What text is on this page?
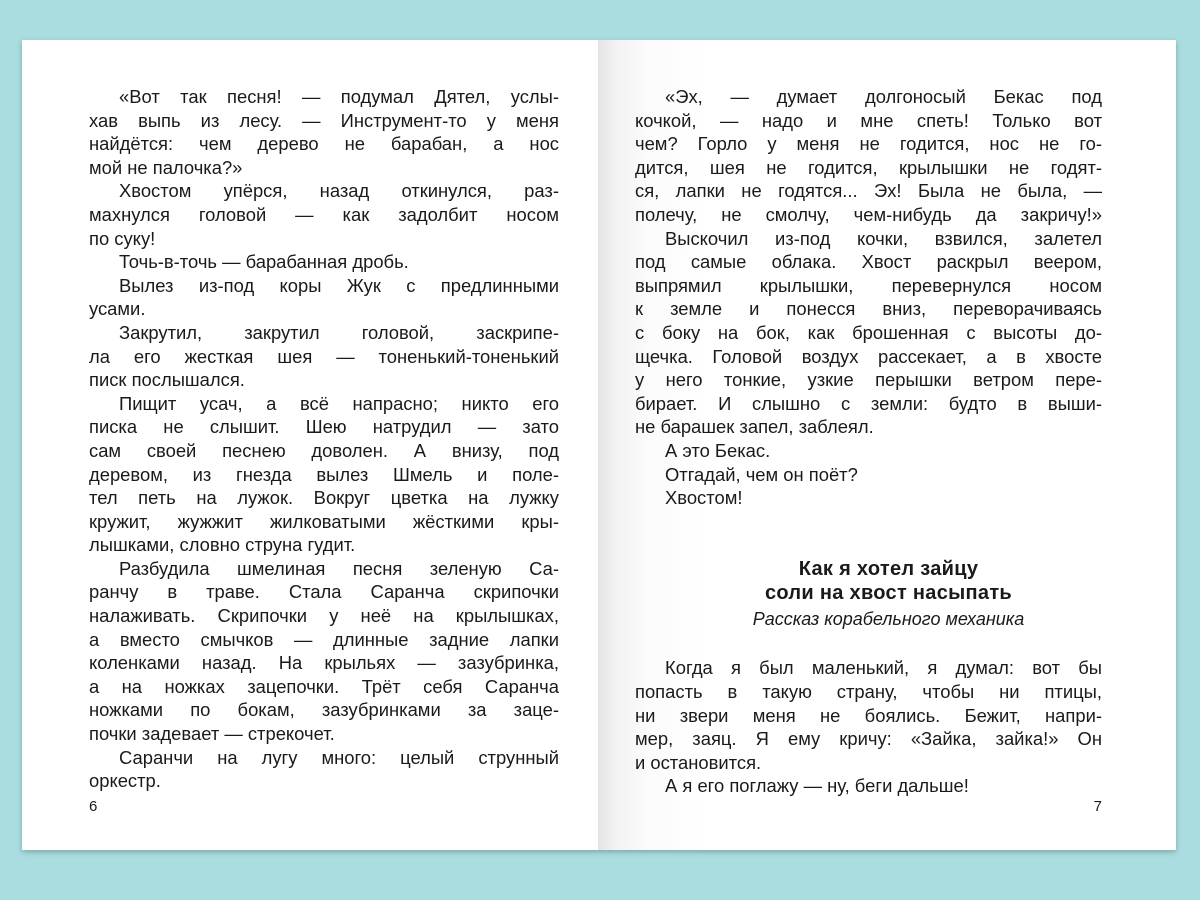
«Вот так песня! — подумал Дятел, услы-
хав выпь из лесу. — Инструмент-то у меня
найдётся: чем дерево не барабан, а нос
мой не палочка?»
Хвостом упёрся, назад откинулся, раз-
махнулся головой — как задолбит носом
по суку!
Точь-в-точь — барабанная дробь.
Вылез из-под коры Жук с предлинными
усами.
Закрутил, закрутил головой, заскрипе-
ла его жесткая шея — тоненький-тоненький
писк послышался.
Пищит усач, а всё напрасно; никто его
писка не слышит. Шею натрудил — зато
сам своей песнею доволен. А внизу, под
деревом, из гнезда вылез Шмель и поле-
тел петь на лужок. Вокруг цветка на лужку
кружит, жужжит жилковатыми жёсткими кры-
лышками, словно струна гудит.
Разбудила шмелиная песня зеленую Са-
ранчу в траве. Стала Саранча скрипочки
налаживать. Скрипочки у неё на крылышках,
а вместо смычков — длинные задние лапки
коленками назад. На крыльях — зазубринка,
а на ножках зацепочки. Трёт себя Саранча
ножками по бокам, зазубринками за заце-
почки задевает — стрекочет.
Саранчи на лугу много: целый струнный
оркестр.
6
«Эх, — думает долгоносый Бекас под
кочкой, — надо и мне спеть! Только вот
чем? Горло у меня не годится, нос не го-
дится, шея не годится, крылышки не годят-
ся, лапки не годятся... Эх! Была не была, —
полечу, не смолчу, чем-нибудь да закричу!»
Выскочил из-под кочки, взвился, залетел
под самые облака. Хвост раскрыл веером,
выпрямил крылышки, перевернулся носом
к земле и понесся вниз, переворачиваясь
с боку на бок, как брошенная с высоты до-
щечка. Головой воздух рассекает, а в хвосте
у него тонкие, узкие перышки ветром пере-
бирает. И слышно с земли: будто в выши-
не барашек запел, заблеял.
А это Бекас.
Отгадай, чем он поёт?
Хвостом!
Как я хотел зайцу
соли на хвост насыпать
Рассказ корабельного механика
Когда я был маленький, я думал: вот бы
попасть в такую страну, чтобы ни птицы,
ни звери меня не боялись. Бежит, напри-
мер, заяц. Я ему кричу: «Зайка, зайка!» Он
и остановится.
А я его поглажу — ну, беги дальше!
7
